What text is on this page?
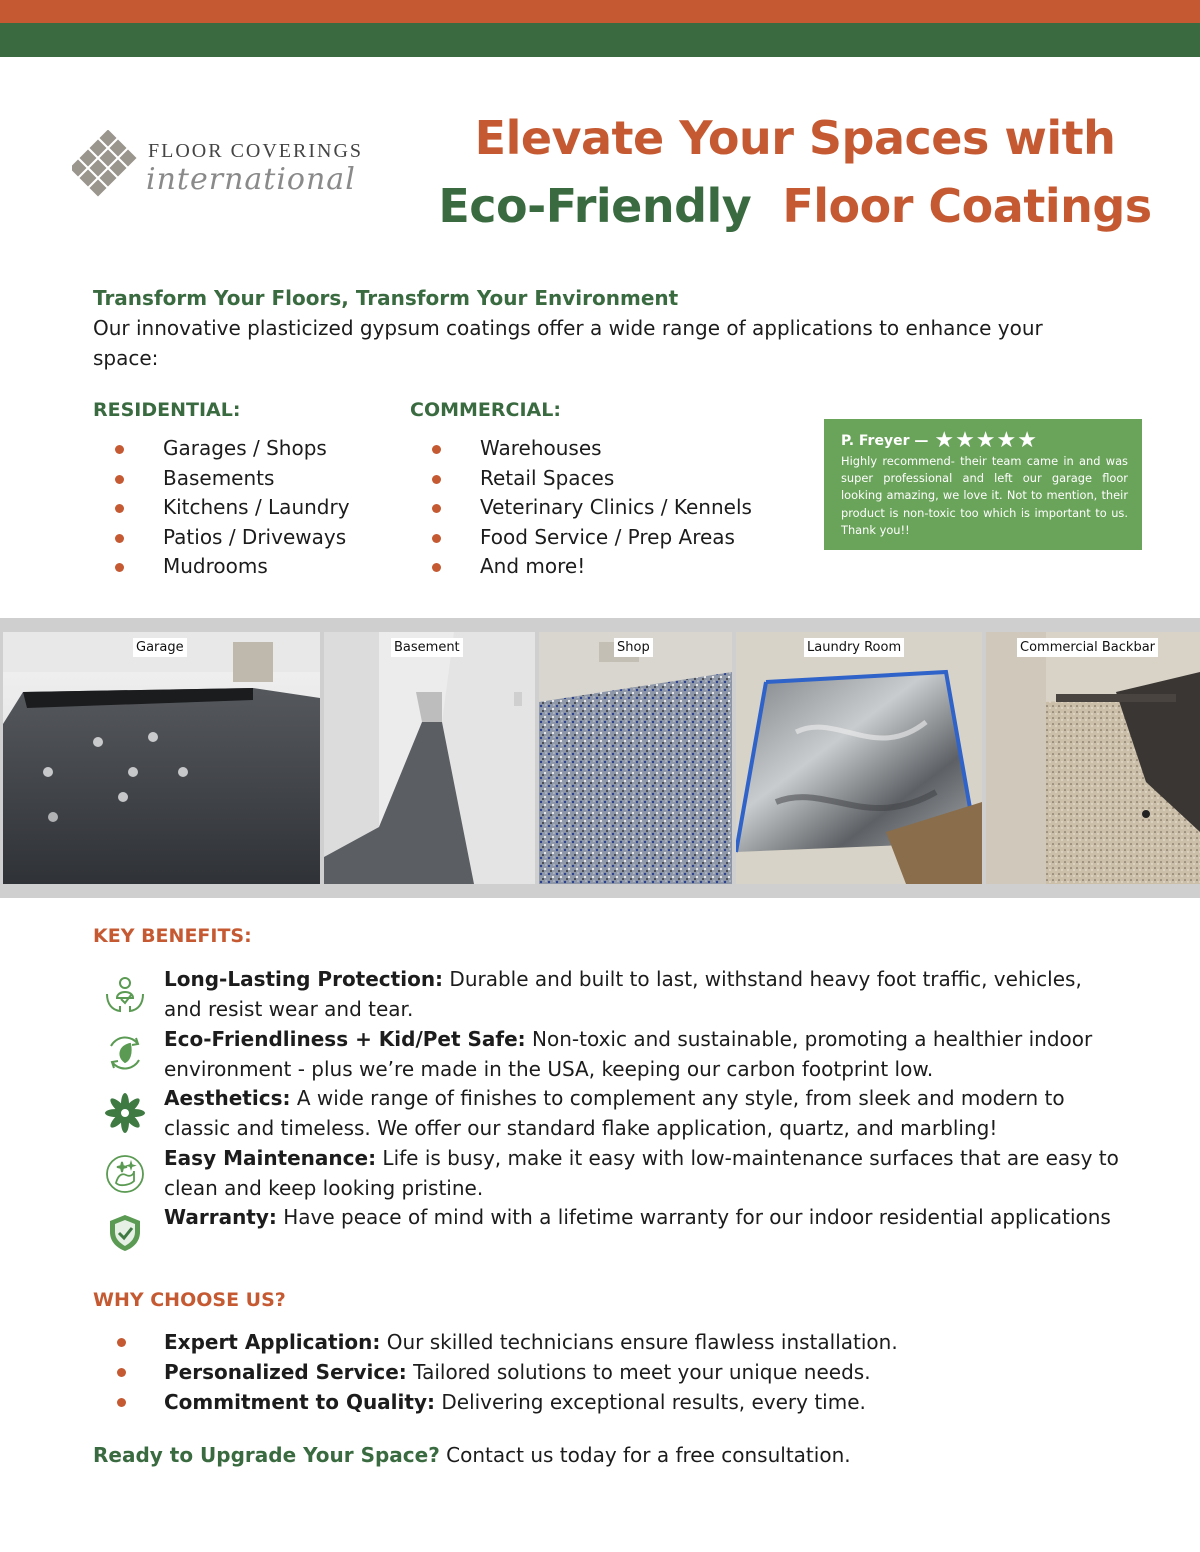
FLOOR COVERINGS
international
Elevate Your Spaces with
Eco-Friendly Floor Coatings
Transform Your Floors, Transform Your Environment
Our innovative plasticized gypsum coatings offer a wide range of applications to enhance your space:
RESIDENTIAL:
Garages / Shops
Basements
Kitchens / Laundry
Patios / Driveways
Mudrooms
COMMERCIAL:
Warehouses
Retail Spaces
Veterinary Clinics / Kennels
Food Service / Prep Areas
And more!
P. Freyer — ★★★★★
Highly recommend- their team came in and was super professional and left our garage floor looking amazing, we love it. Not to mention, their product is non-toxic too which is important to us. Thank you!!
Garage	Basement	Shop	Laundry Room	Commercial Backbar
KEY BENEFITS:
Long-Lasting Protection: Durable and built to last, withstand heavy foot traffic, vehicles, and resist wear and tear.
Eco-Friendliness + Kid/Pet Safe: Non-toxic and sustainable, promoting a healthier indoor environment - plus we’re made in the USA, keeping our carbon footprint low.
Aesthetics: A wide range of finishes to complement any style, from sleek and modern to classic and timeless. We offer our standard flake application, quartz, and marbling!
Easy Maintenance: Life is busy, make it easy with low-maintenance surfaces that are easy to clean and keep looking pristine.
Warranty: Have peace of mind with a lifetime warranty for our indoor residential applications
WHY CHOOSE US?
Expert Application: Our skilled technicians ensure flawless installation.
Personalized Service: Tailored solutions to meet your unique needs.
Commitment to Quality: Delivering exceptional results, every time.
Ready to Upgrade Your Space? Contact us today for a free consultation.
